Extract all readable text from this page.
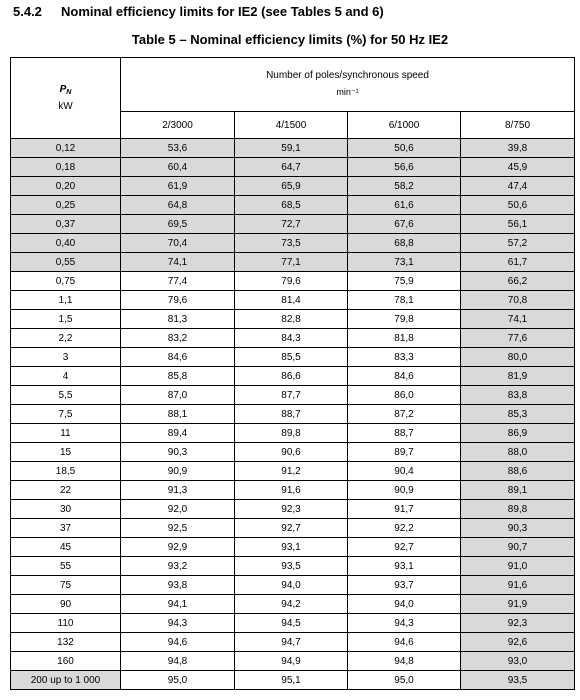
5.4.2 Nominal efficiency limits for IE2 (see Tables 5 and 6)
Table 5 – Nominal efficiency limits (%) for 50 Hz IE2
$P_N$
kW	Number of poles/synchronous speed
min⁻¹			
	2/3000	4/1500	6/1000	8/750
0,12	53,6	59,1	50,6	39,8
0,18	60,4	64,7	56,6	45,9
0,20	61,9	65,9	58,2	47,4
0,25	64,8	68,5	61,6	50,6
0,37	69,5	72,7	67,6	56,1
0,40	70,4	73,5	68,8	57,2
0,55	74,1	77,1	73,1	61,7
0,75	77,4	79,6	75,9	66,2
1,1	79,6	81,4	78,1	70,8
1,5	81,3	82,8	79,8	74,1
2,2	83,2	84,3	81,8	77,6
3	84,6	85,5	83,3	80,0
4	85,8	86,6	84,6	81,9
5,5	87,0	87,7	86,0	83,8
7,5	88,1	88,7	87,2	85,3
11	89,4	89,8	88,7	86,9
15	90,3	90,6	89,7	88,0
18,5	90,9	91,2	90,4	88,6
22	91,3	91,6	90,9	89,1
30	92,0	92,3	91,7	89,8
37	92,5	92,7	92,2	90,3
45	92,9	93,1	92,7	90,7
55	93,2	93,5	93,1	91,0
75	93,8	94,0	93,7	91,6
90	94,1	94,2	94,0	91,9
110	94,3	94,5	94,3	92,3
132	94,6	94,7	94,6	92,6
160	94,8	94,9	94,8	93,0
200 up to 1 000	95,0	95,1	95,0	93,5
